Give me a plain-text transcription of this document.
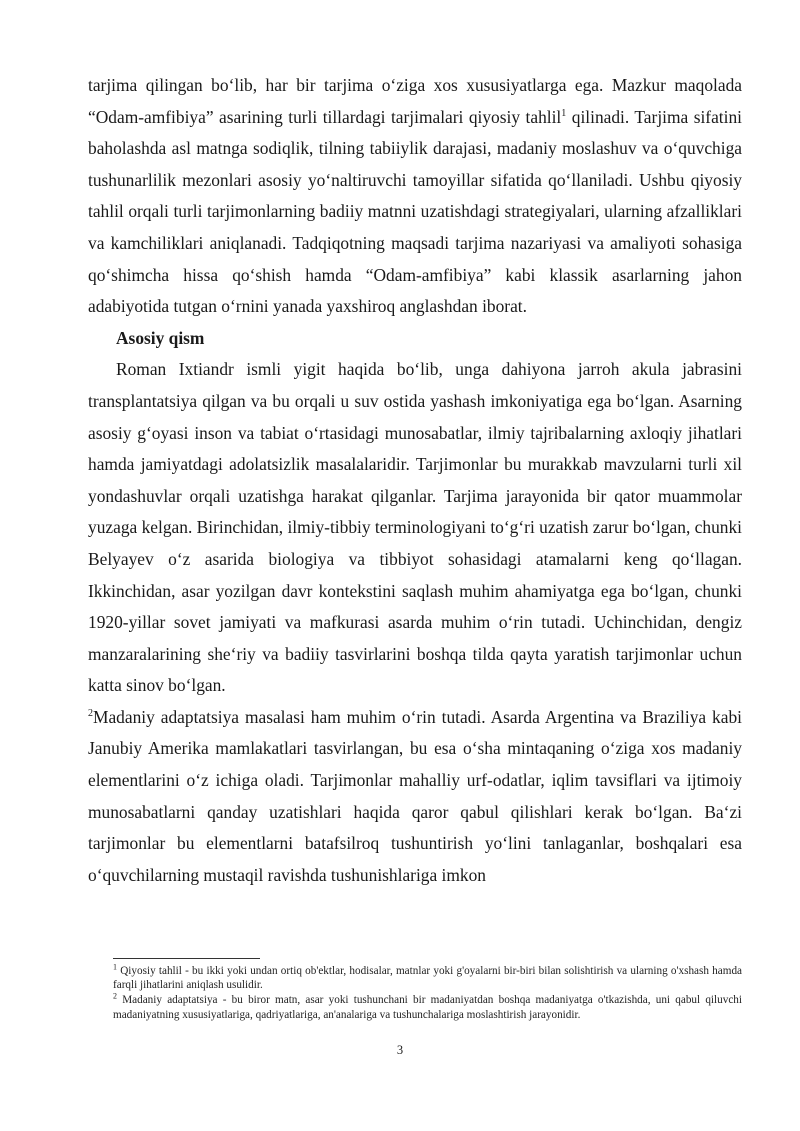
tarjima qilingan bo‘lib, har bir tarjima o‘ziga xos xususiyatlarga ega. Mazkur maqolada “Odam-amfibiya” asarining turli tillardagi tarjimalari qiyosiy tahlil$^1$ qilinadi. Tarjima sifatini baholashda asl matnga sodiqlik, tilning tabiiylik darajasi, madaniy moslashuv va o‘quvchiga tushunarlilik mezonlari asosiy yo‘naltiruvchi tamoyillar sifatida qo‘llaniladi. Ushbu qiyosiy tahlil orqali turli tarjimonlarning badiiy matnni uzatishdagi strategiyalari, ularning afzalliklari va kamchiliklari aniqlanadi. Tadqiqotning maqsadi tarjima nazariyasi va amaliyoti sohasiga qo‘shimcha hissa qo‘shish hamda “Odam-amfibiya” kabi klassik asarlarning jahon adabiyotida tutgan o‘rnini yanada yaxshiroq anglashdan iborat.

Asosiy qism

Roman Ixtiandr ismli yigit haqida bo‘lib, unga dahiyona jarroh akula jabrasini transplantatsiya qilgan va bu orqali u suv ostida yashash imkoniyatiga ega bo‘lgan. Asarning asosiy g‘oyasi inson va tabiat o‘rtasidagi munosabatlar, ilmiy tajribalarning axloqiy jihatlari hamda jamiyatdagi adolatsizlik masalalaridir. Tarjimonlar bu murakkab mavzularni turli xil yondashuvlar orqali uzatishga harakat qilganlar. Tarjima jarayonida bir qator muammolar yuzaga kelgan. Birinchidan, ilmiy-tibbiy terminologiyani to‘g‘ri uzatish zarur bo‘lgan, chunki Belyayev o‘z asarida biologiya va tibbiyot sohasidagi atamalarni keng qo‘llagan. Ikkinchidan, asar yozilgan davr kontekstini saqlash muhim ahamiyatga ega bo‘lgan, chunki 1920-yillar sovet jamiyati va mafkurasi asarda muhim o‘rin tutadi. Uchinchidan, dengiz manzaralarining she‘riy va badiiy tasvirlarini boshqa tilda qayta yaratish tarjimonlar uchun katta sinov bo‘lgan.

$^2$Madaniy adaptatsiya masalasi ham muhim o‘rin tutadi. Asarda Argentina va Braziliya kabi Janubiy Amerika mamlakatlari tasvirlangan, bu esa o‘sha mintaqaning o‘ziga xos madaniy elementlarini o‘z ichiga oladi. Tarjimonlar mahalliy urf-odatlar, iqlim tavsiflari va ijtimoiy munosabatlarni qanday uzatishlari haqida qaror qabul qilishlari kerak bo‘lgan. Ba‘zi tarjimonlar bu elementlarni batafsilroq tushuntirish yo‘lini tanlaganlar, boshqalari esa o‘quvchilarning mustaqil ravishda tushunishlariga imkon

$^1$ Qiyosiy tahlil - bu ikki yoki undan ortiq ob'ektlar, hodisalar, matnlar yoki g'oyalarni bir-biri bilan solishtirish va ularning o'xshash hamda farqli jihatlarini aniqlash usulidir.

$^2$ Madaniy adaptatsiya - bu biror matn, asar yoki tushunchani bir madaniyatdan boshqa madaniyatga o'tkazishda, uni qabul qiluvchi madaniyatning xususiyatlariga, qadriyatlariga, an'analariga va tushunchalariga moslashtirish jarayonidir.

3
